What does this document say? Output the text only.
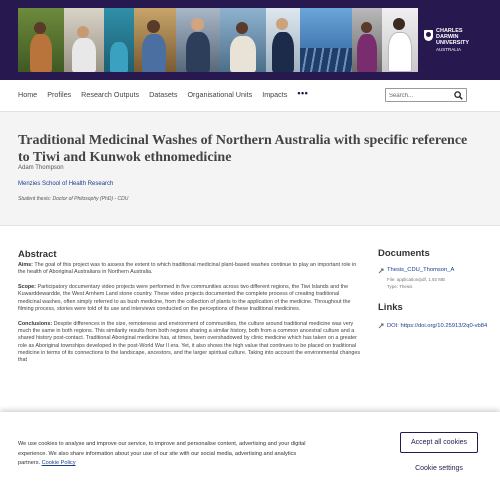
CHARLES
DARWIN
UNIVERSITY
AUSTRALIA
Home Profiles Research Outputs Datasets Organisational Units Impacts •••
Search...
Traditional Medicinal Washes of Northern Australia with specific reference to Tiwi and Kunwok ethnomedicine
Adam Thompson
Menzies School of Health Research
Student thesis: Doctor of Philosophy (PhD) - CDU
Abstract

Aims: The goal of this project was to assess the extent to which traditional medicinal plant-based washes continue to play an important role in the health of Aboriginal Australians in Northern Australia.

Scope: Participatory documentary video projects were performed in five communities across two different regions, the Tiwi Islands and the Kuwarddewardde, the West Arnhem Land stone country. These video projects documented the complete process of creating traditional medicinal washes, often simply referred to as bush medicine, from the collection of plants to the application of the medicine. Throughout the filming process, stories were told of its use and interviews conducted on the perceptions of these traditional medicines.

Conclusions: Despite differences in the size, remoteness and environment of communities, the culture around traditional medicine was very much the same in both regions. This similarity results from both regions sharing a similar history, both from a common ancestral culture and a shared history post-contact. Traditional Aboriginal medicine has, at times, been overshadowed by clinic medicine which has taken on a greater role as Aboriginal townships developed in the post-World War II era. Yet, it also shows the high value that continues to be placed on traditional medicine in terms of its connections to the landscape, ancestors, and the larger spiritual culture. Taking into account the environmental changes that

Documents
Thesis_CDU_Thomson_A
File: application/pdf, 1.92 MB
Type: Thesis
Links
DOI: https://doi.org/10.25913/2q0-vb84

We use cookies to analyse and improve our service, to improve and personalise content, advertising and your digital experience. We also share information about your use of our site with our social media, advertising and analytics partners. Cookie Policy

Accept all cookies
Cookie settings
